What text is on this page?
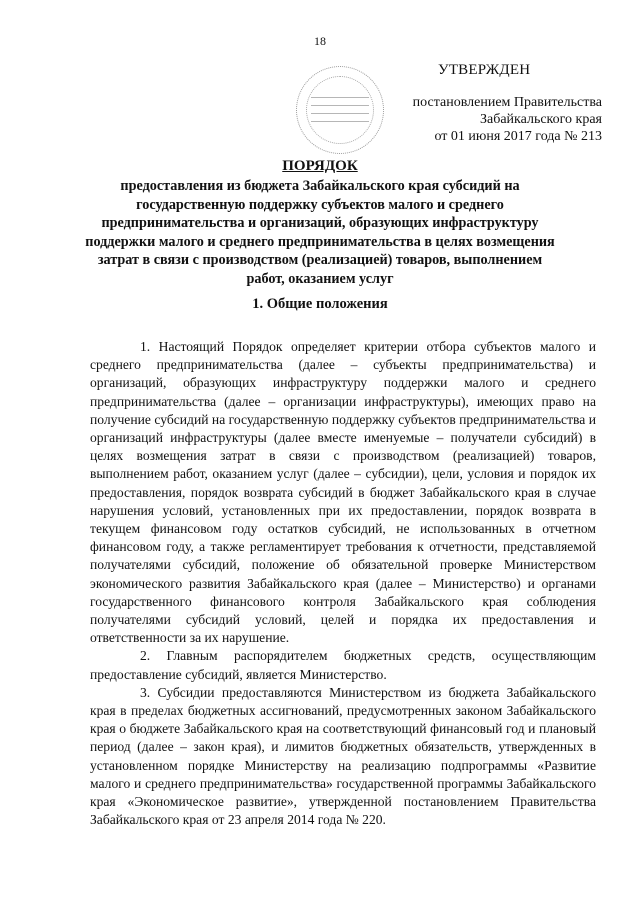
18
УТВЕРЖДЕН
постановлением Правительства
Забайкальского края
от 01 июня 2017 года № 213
ПОРЯДОК
предоставления из бюджета Забайкальского края субсидий на государственную поддержку субъектов малого и среднего предпринимательства и организаций, образующих инфраструктуру поддержки малого и среднего предпринимательства в целях возмещения затрат в связи с производством (реализацией) товаров, выполнением работ, оказанием услуг
1. Общие положения

1. Настоящий Порядок определяет критерии отбора субъектов малого и среднего предпринимательства (далее – субъекты предпринимательства) и организаций, образующих инфраструктуру поддержки малого и среднего предпринимательства (далее – организации инфраструктуры), имеющих право на получение субсидий на государственную поддержку субъектов предпринимательства и организаций инфраструктуры (далее вместе именуемые – получатели субсидий) в целях возмещения затрат в связи с производством (реализацией) товаров, выполнением работ, оказанием услуг (далее – субсидии), цели, условия и порядок их предоставления, порядок возврата субсидий в бюджет Забайкальского края в случае нарушения условий, установленных при их предоставлении, порядок возврата в текущем финансовом году остатков субсидий, не использованных в отчетном финансовом году, а также регламентирует требования к отчетности, представляемой получателями субсидий, положение об обязательной проверке Министерством экономического развития Забайкальского края (далее – Министерство) и органами государственного финансового контроля Забайкальского края соблюдения получателями субсидий условий, целей и порядка их предоставления и ответственности за их нарушение.

2. Главным распорядителем бюджетных средств, осуществляющим предоставление субсидий, является Министерство.

3. Субсидии предоставляются Министерством из бюджета Забайкальского края в пределах бюджетных ассигнований, предусмотренных законом Забайкальского края о бюджете Забайкальского края на соответствующий финансовый год и плановый период (далее – закон края), и лимитов бюджетных обязательств, утвержденных в установленном порядке Министерству на реализацию подпрограммы «Развитие малого и среднего предпринимательства» государственной программы Забайкальского края «Экономическое развитие», утвержденной постановлением Правительства Забайкальского края от 23 апреля 2014 года № 220.
